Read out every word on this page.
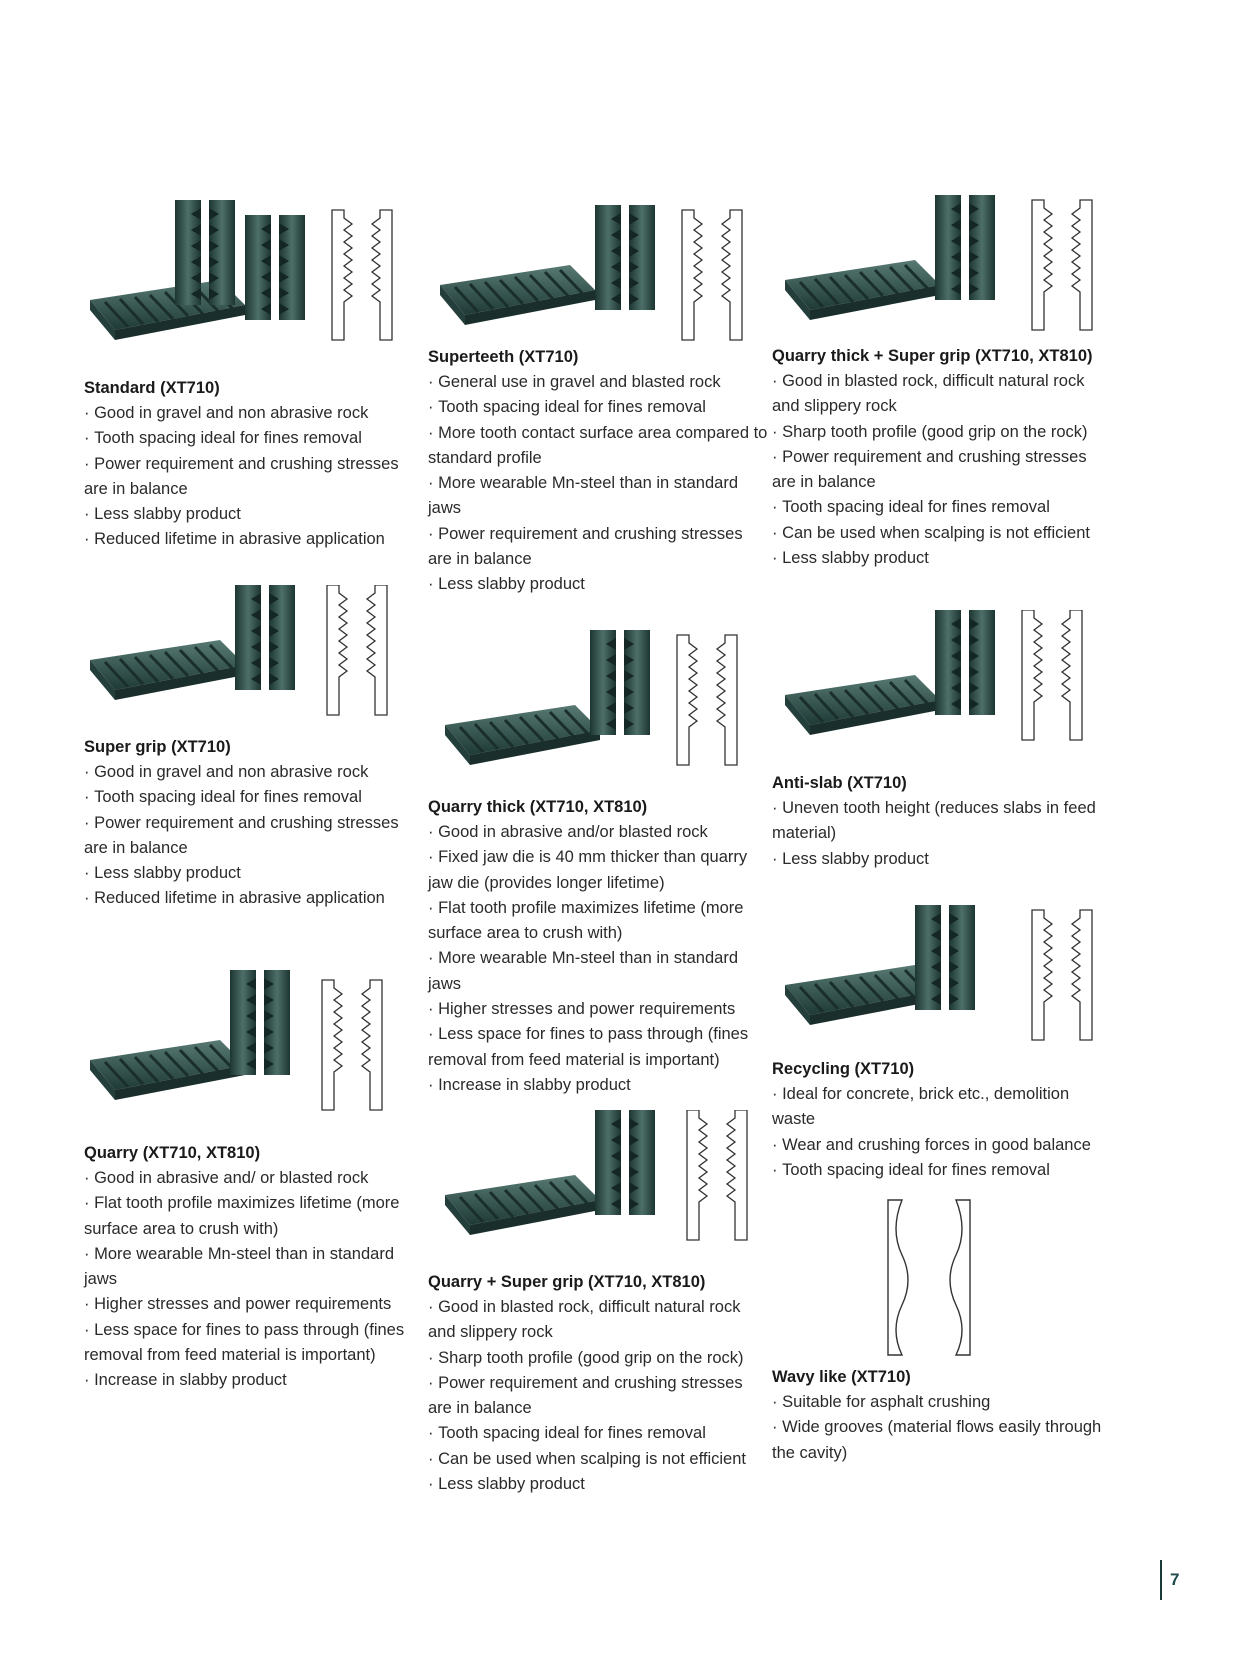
Standard (XT710)

· Good in gravel and non abrasive rock
· Tooth spacing ideal for fines removal
· Power requirement and crushing stresses are in balance
· Less slabby product
· Reduced lifetime in abrasive application

Superteeth (XT710)

· General use in gravel and blasted rock
· Tooth spacing ideal for fines removal
· More tooth contact surface area compared to standard profile
· More wearable Mn-steel than in standard jaws
· Power requirement and crushing stresses are in balance
· Less slabby product

Quarry thick + Super grip (XT710, XT810)

· Good in blasted rock, difficult natural rock and slippery rock
· Sharp tooth profile (good grip on the rock)
· Power requirement and crushing stresses are in balance
· Tooth spacing ideal for fines removal
· Can be used when scalping is not efficient
· Less slabby product

Super grip (XT710)

· Good in gravel and non abrasive rock
· Tooth spacing ideal for fines removal
· Power requirement and crushing stresses are in balance
· Less slabby product
· Reduced lifetime in abrasive application

Quarry thick (XT710, XT810)

· Good in abrasive and/or blasted rock
· Fixed jaw die is 40 mm thicker than quarry jaw die (provides longer lifetime)
· Flat tooth profile maximizes lifetime (more surface area to crush with)
· More wearable Mn-steel than in standard jaws
· Higher stresses and power requirements
· Less space for fines to pass through (fines removal from feed material is important)
· Increase in slabby product

Anti-slab (XT710)

· Uneven tooth height (reduces slabs in feed material)
· Less slabby product

Recycling (XT710)

· Ideal for concrete, brick etc., demolition waste
· Wear and crushing forces in good balance
· Tooth spacing ideal for fines removal

Quarry (XT710, XT810)

· Good in abrasive and/ or blasted rock
· Flat tooth profile maximizes lifetime (more surface area to crush with)
· More wearable Mn-steel than in standard jaws
· Higher stresses and power requirements
· Less space for fines to pass through (fines removal from feed material is important)
· Increase in slabby product

Quarry + Super grip (XT710, XT810)

· Good in blasted rock, difficult natural rock and slippery rock
· Sharp tooth profile (good grip on the rock)
· Power requirement and crushing stresses are in balance
· Tooth spacing ideal for fines removal
· Can be used when scalping is not efficient
· Less slabby product

Wavy like (XT710)

· Suitable for asphalt crushing
· Wide grooves (material flows easily through the cavity)
7
